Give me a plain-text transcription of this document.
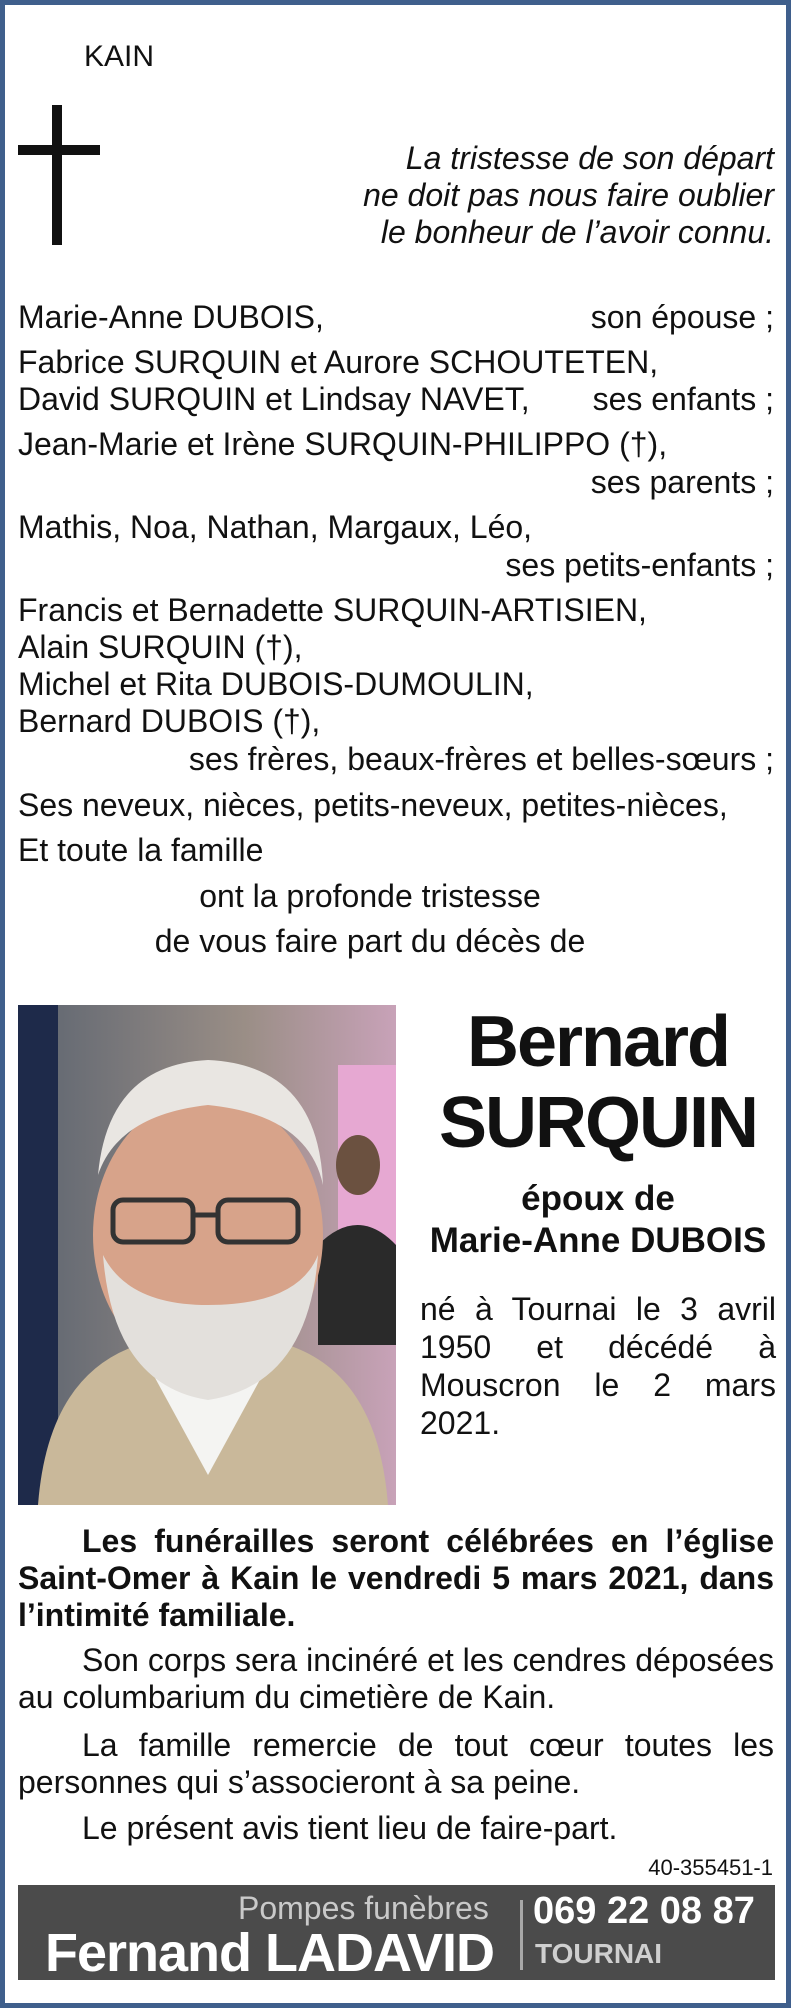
KAIN
La tristesse de son départ
ne doit pas nous faire oublier
le bonheur de l’avoir connu.
Marie-Anne DUBOIS,	son épouse ;
Fabrice SURQUIN et Aurore SCHOUTETEN,
David SURQUIN et Lindsay NAVET, ses enfants ;
Jean-Marie et Irène SURQUIN-PHILIPPO (†),
ses parents ;
Mathis, Noa, Nathan, Margaux, Léo,
ses petits-enfants ;
Francis et Bernadette SURQUIN-ARTISIEN,
Alain SURQUIN (†),
Michel et Rita DUBOIS-DUMOULIN,
Bernard DUBOIS (†),
ses frères, beaux-frères et belles-sœurs ;
Ses neveux, nièces, petits-neveux, petites-nièces,
Et toute la famille
ont la profonde tristesse
de vous faire part du décès de
Bernard
SURQUIN
époux de
Marie-Anne DUBOIS
né à Tournai le 3 avril 1950 et décédé à Mouscron le 2 mars 2021.
Les funérailles seront célébrées en l’église Saint-Omer à Kain le vendredi 5 mars 2021, dans l’intimité familiale.
Son corps sera incinéré et les cendres déposées au columbarium du cimetière de Kain.
La famille remercie de tout cœur toutes les personnes qui s’associeront à sa peine.
Le présent avis tient lieu de faire-part.
40-355451-1
Pompes funèbres
Fernand LADAVID
069 22 08 87
TOURNAI
